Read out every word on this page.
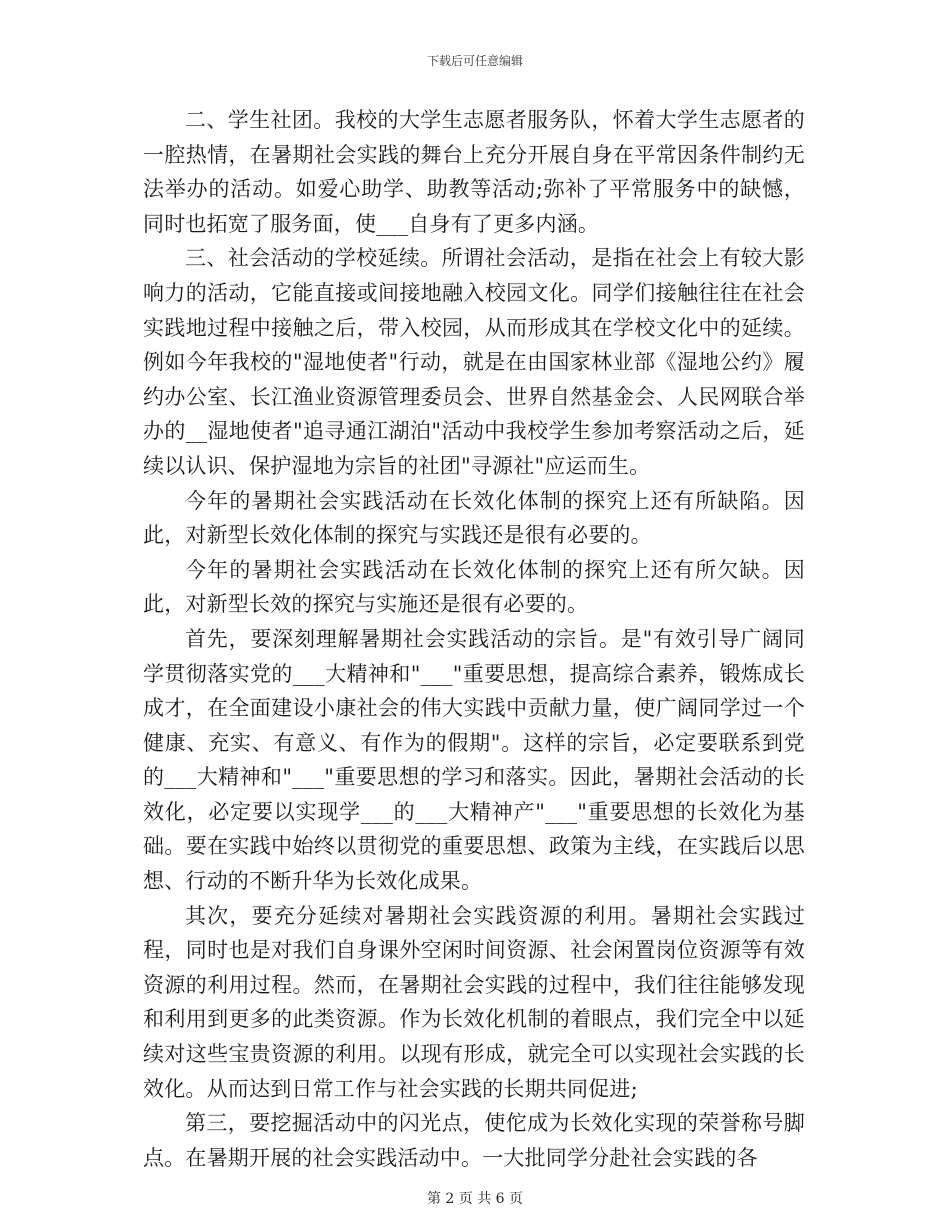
下载后可任意编辑

二、学生社团。我校的大学生志愿者服务队，怀着大学生志愿者的一腔热情，在暑期社会实践的舞台上充分开展自身在平常因条件制约无法举办的活动。如爱心助学、助教等活动;弥补了平常服务中的缺憾，同时也拓宽了服务面，使___自身有了更多内涵。

三、社会活动的学校延续。所谓社会活动，是指在社会上有较大影响力的活动，它能直接或间接地融入校园文化。同学们接触往往在社会实践地过程中接触之后，带入校园，从而形成其在学校文化中的延续。例如今年我校的"湿地使者"行动，就是在由国家林业部《湿地公约》履约办公室、长江渔业资源管理委员会、世界自然基金会、人民网联合举办的__湿地使者"追寻通江湖泊"活动中我校学生参加考察活动之后，延续以认识、保护湿地为宗旨的社团"寻源社"应运而生。

今年的暑期社会实践活动在长效化体制的探究上还有所缺陷。因此，对新型长效化体制的探究与实践还是很有必要的。

今年的暑期社会实践活动在长效化体制的探究上还有所欠缺。因此，对新型长效的探究与实施还是很有必要的。

首先，要深刻理解暑期社会实践活动的宗旨。是"有效引导广阔同学贯彻落实党的___大精神和"___"重要思想，提高综合素养，锻炼成长成才，在全面建设小康社会的伟大实践中贡献力量，使广阔同学过一个健康、充实、有意义、有作为的假期"。这样的宗旨，必定要联系到党的___大精神和"___"重要思想的学习和落实。因此，暑期社会活动的长效化，必定要以实现学___的___大精神产"___"重要思想的长效化为基础。要在实践中始终以贯彻党的重要思想、政策为主线，在实践后以思想、行动的不断升华为长效化成果。

其次，要充分延续对暑期社会实践资源的利用。暑期社会实践过程，同时也是对我们自身课外空闲时间资源、社会闲置岗位资源等有效资源的利用过程。然而，在暑期社会实践的过程中，我们往往能够发现和利用到更多的此类资源。作为长效化机制的着眼点，我们完全中以延续对这些宝贵资源的利用。以现有形成，就完全可以实现社会实践的长效化。从而达到日常工作与社会实践的长期共同促进;

第三，要挖掘活动中的闪光点，使佗成为长效化实现的荣誉称号脚点。在暑期开展的社会实践活动中。一大批同学分赴社会实践的各

第 2 页 共 6 页
